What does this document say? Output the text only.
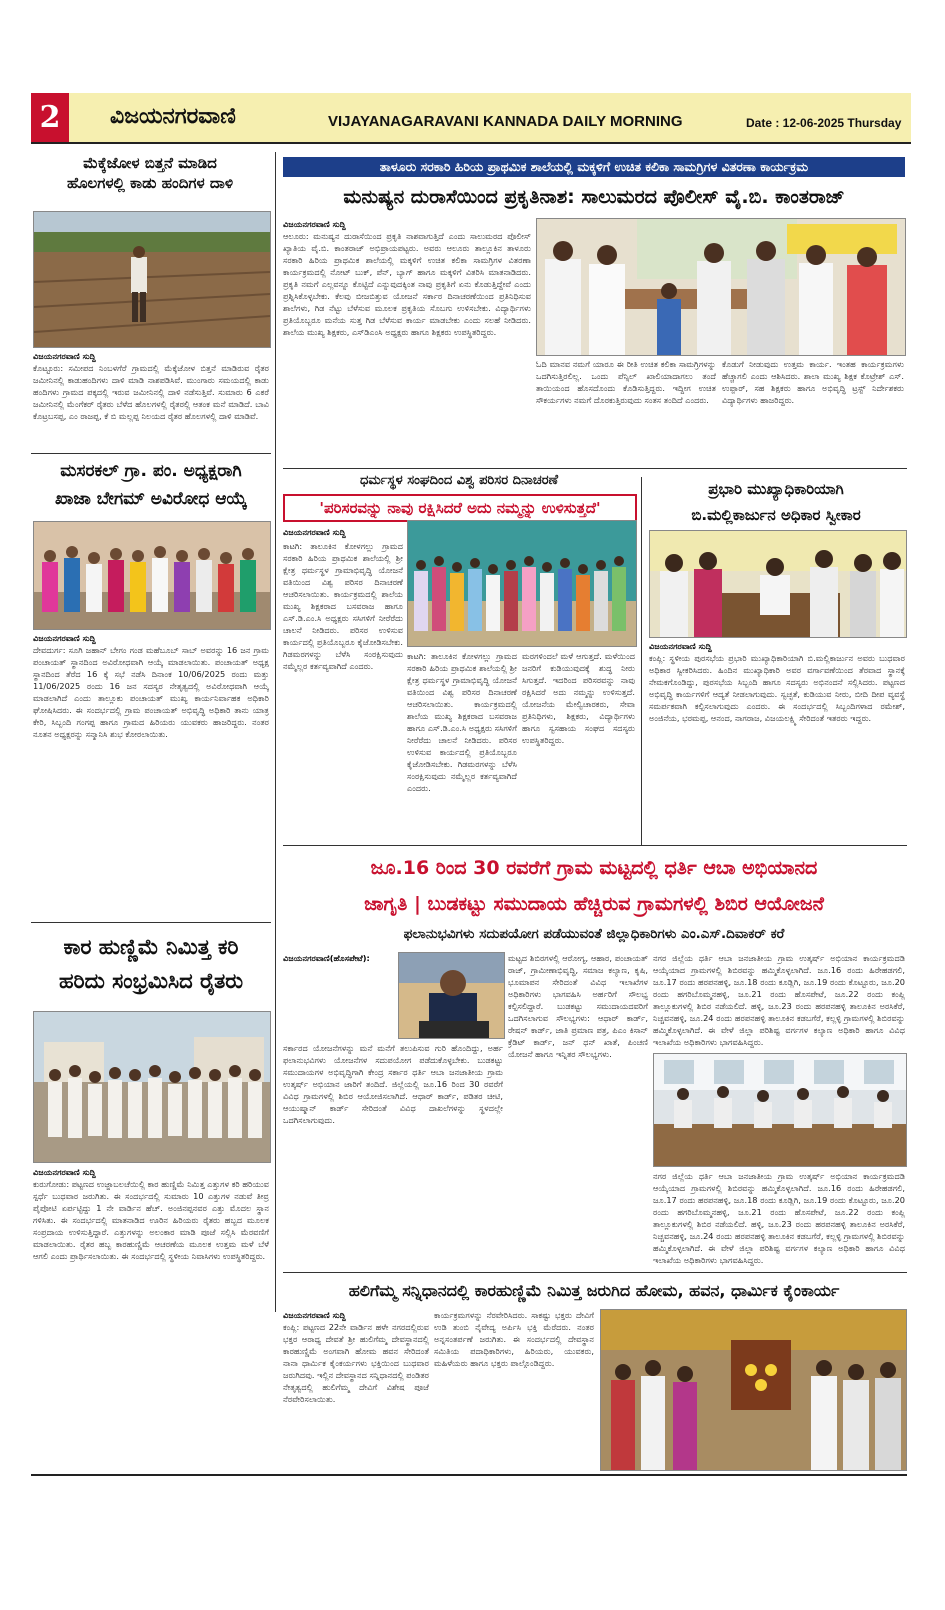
2	ವಿಜಯನಗರವಾಣಿ	VIJAYANAGARAVANI KANNADA DAILY MORNING	Date : 12-06-2025 Thursday
ಮೆಕ್ಕೆಜೋಳ ಬಿತ್ತನೆ ಮಾಡಿದ
ಹೊಲಗಳಲ್ಲಿ ಕಾಡು ಹಂದಿಗಳ ದಾಳಿ
ವಿಜಯನಗರವಾಣಿ ಸುದ್ದಿ
ಕೊಟ್ಟೂರು: ಸಮೀಪದ ನಿಂಬಳಗೆರೆ ಗ್ರಾಮದಲ್ಲಿ ಮೆಕ್ಕೆಜೋಳ ಬಿತ್ತನೆ ಮಾಡಿರುವ ರೈತರ ಜಮೀನಿನಲ್ಲಿ ಕಾಡುಹಂದಿಗಳು ದಾಳಿ ಮಾಡಿ ನಾಶಪಡಿಸಿವೆ. ಮುಂಗಾರು ಸಮಯದಲ್ಲಿ ಕಾಡು ಹಂದಿಗಳು ಗ್ರಾಮದ ಪಕ್ಕದಲ್ಲಿ ಇರುವ ಜಮೀನಿನಲ್ಲಿ ದಾಳಿ ನಡೆಸುತ್ತಿವೆ. ಸುಮಾರು 6 ಎಕರೆ ಜಮೀನಿನಲ್ಲಿ ಮೆಂಗೆಕರ್ ರೈತರು ಬೆಳೆದ ಹೊಲಗಳಲ್ಲಿ ರೈತರಲ್ಲಿ ಆತಂಕ ಮನೆ ಮಾಡಿದೆ. ಬಾವಿ ಕೊಟ್ರಬಸಪ್ಪ, ಎಂ ರಾಜಪ್ಪ, ಕೆ ಬಿ ಮಲ್ಲಪ್ಪ ನಿಲಯದ ರೈತರ ಹೊಲಗಳಲ್ಲಿ ದಾಳಿ ಮಾಡಿವೆ.
ಮಸರಕಲ್ ಗ್ರಾ. ಪಂ. ಅಧ್ಯಕ್ಷರಾಗಿ
ಖಾಜಾ ಬೇಗಮ್ ಅವಿರೋಧ ಆಯ್ಕೆ
ವಿಜಯನಗರವಾಣಿ ಸುದ್ದಿ
ದೇವದುರ್ಗ: ಸೂಗಿ ಜಹಾನ್ ಬೇಗಂ ಗಂಡ ಮಹೆಬೂಬ್ ಸಾಬ್ ಅವರನ್ನು 16 ಜನ ಗ್ರಾಮ ಪಂಚಾಯತ್ ಸ್ಥಾನದಿಂದ ಅವಿರೋಧವಾಗಿ ಆಯ್ಕೆ ಮಾಡಲಾಯಿತು. ಪಂಚಾಯತ್ ಅಧ್ಯಕ್ಷ ಸ್ಥಾನದಿಂದ ತೆರೆದ 16 ಕ್ಕೆ ಸಭೆ ನಡೆಸಿ ದಿನಾಂಕ 10/06/2025 ರಂದು ಮತ್ತು 11/06/2025 ರಂದು 16 ಜನ ಸದಸ್ಯರ ನೇತೃತ್ವದಲ್ಲಿ ಅವಿರೋಧವಾಗಿ ಆಯ್ಕೆ ಮಾಡಲಾಗಿದೆ ಎಂದು ತಾಲ್ಲೂಕು ಪಂಚಾಯತ್ ಮುಖ್ಯ ಕಾರ್ಯನಿರ್ವಾಹಕ ಅಧಿಕಾರಿ ಘೋಷಿಸಿದರು. ಈ ಸಂದರ್ಭದಲ್ಲಿ ಗ್ರಾಮ ಪಂಚಾಯತ್ ಅಭಿವೃದ್ಧಿ ಅಧಿಕಾರಿ ತಾನು ಯಾತ್ರ ಕೇರಿ, ಸಿಬ್ಬಂದಿ ಗಂಗಪ್ಪ ಹಾಗೂ ಗ್ರಾಮದ ಹಿರಿಯರು ಯುವಕರು ಹಾಜರಿದ್ದರು. ನಂತರ ನೂತನ ಅಧ್ಯಕ್ಷರನ್ನು ಸನ್ಮಾನಿಸಿ ಶುಭ ಕೋರಲಾಯಿತು.
ಕಾರ ಹುಣ್ಣಿಮೆ ನಿಮಿತ್ತ ಕರಿ
ಹರಿದು ಸಂಭ್ರಮಿಸಿದ ರೈತರು
ವಿಜಯನಗರವಾಣಿ ಸುದ್ದಿ
ಕುರುಗೋಡು: ಪಟ್ಟಣದ ಉಜ್ಜಾಬಲಚೆಯಿಲ್ಲಿ ಕಾರ ಹುಣ್ಣಿಮೆ ನಿಮಿತ್ತ ಎತ್ತುಗಳ ಕರಿ ಹರಿಯುವ ಸ್ಪರ್ಧೆ ಬುಧವಾರ ಜರುಗಿತು. ಈ ಸಂದರ್ಭದಲ್ಲಿ ಸುಮಾರು 10 ಎತ್ತುಗಳ ನಡುವೆ ತೀವ್ರ ಪೈಪೋಟಿ ಏರ್ಪಟ್ಟಿದ್ದು 1 ನೇ ವಾರ್ಡಿನ ಹೆಚ್. ಅಂಜಿನಪ್ಪನವರ ಎತ್ತು ಮೊದಲ ಸ್ಥಾನ ಗಳಿಸಿತು. ಈ ಸಂದರ್ಭದಲ್ಲಿ ಮಾತನಾಡಿದ ಊರಿನ ಹಿರಿಯರು ರೈತರು ಹಬ್ಬದ ಮೂಲಕ ಸಂಪ್ರದಾಯ ಉಳಿಸುತ್ತಿದ್ದಾರೆ. ಎತ್ತುಗಳನ್ನು ಅಲಂಕಾರ ಮಾಡಿ ಪೂಜೆ ಸಲ್ಲಿಸಿ ಮೆರವಣಿಗೆ ಮಾಡಲಾಯಿತು. ರೈತರ ಹಬ್ಬ ಕಾರಹುಣ್ಣಿಮೆ ಆಚರಣೆಯ ಮೂಲಕ ಉತ್ತಮ ಮಳೆ ಬೆಳೆ ಆಗಲಿ ಎಂದು ಪ್ರಾರ್ಥಿಸಲಾಯಿತು. ಈ ಸಂದರ್ಭದಲ್ಲಿ ಸ್ಥಳೀಯ ನಿವಾಸಿಗಳು ಉಪಸ್ಥಿತರಿದ್ದರು.
ತಾಳೂರು ಸರಕಾರಿ ಹಿರಿಯ ಪ್ರಾಥಮಿಕ ಶಾಲೆಯಲ್ಲಿ ಮಕ್ಕಳಿಗೆ ಉಚಿತ ಕಲಿಕಾ ಸಾಮಗ್ರಿಗಳ ವಿತರಣಾ ಕಾರ್ಯಕ್ರಮ
ಮನುಷ್ಯನ ದುರಾಸೆಯಿಂದ ಪ್ರಕೃತಿನಾಶ: ಸಾಲುಮರದ ಪೊಲೀಸ್ ವೈ.ಬಿ. ಕಾಂತರಾಜ್
ವಿಜಯನಗರವಾಣಿ ಸುದ್ದಿ
ಆಲೂರು: ಮನುಷ್ಯನ ದುರಾಸೆಯಿಂದ ಪ್ರಕೃತಿ ನಾಶವಾಗುತ್ತಿದೆ ಎಂದು ಸಾಲುಮರದ ಪೊಲೀಸ್ ಖ್ಯಾತಿಯ ವೈ.ಬಿ. ಕಾಂತರಾಜ್ ಅಭಿಪ್ರಾಯಪಟ್ಟರು. ಅವರು ಆಲೂರು ತಾಲ್ಲೂಕಿನ ತಾಳೂರು ಸರಕಾರಿ ಹಿರಿಯ ಪ್ರಾಥಮಿಕ ಶಾಲೆಯಲ್ಲಿ ಮಕ್ಕಳಿಗೆ ಉಚಿತ ಕಲಿಕಾ ಸಾಮಗ್ರಿಗಳ ವಿತರಣಾ ಕಾರ್ಯಕ್ರಮದಲ್ಲಿ ನೋಟ್ ಬುಕ್, ಪೆನ್, ಬ್ಯಾಗ್ ಹಾಗೂ ಮಕ್ಕಳಿಗೆ ವಿತರಿಸಿ ಮಾತನಾಡಿದರು. ಪ್ರಕೃತಿ ನಮಗೆ ಎಲ್ಲವನ್ನೂ ಕೊಟ್ಟಿದೆ ಎನ್ನುವುದಕ್ಕಿಂತ ನಾವು ಪ್ರಕೃತಿಗೆ ಏನು ಕೊಡುತ್ತಿದ್ದೇವೆ ಎಂದು ಪ್ರಶ್ನಿಸಿಕೊಳ್ಳಬೇಕು. ಕೆಲವು ಬೀಜಬಿತ್ತುವ ಯೋಜನೆ ಸರ್ಕಾರ ದಿನಾಚರಣೆಯಿಂದ ಪ್ರತಿನಿಧಿಸುವ ಶಾಲೆಗಳು, ಗಿಡ ನೆಟ್ಟು ಬೆಳೆಸುವ ಮೂಲಕ ಪ್ರಕೃತಿಯ ಸೊಬಗು ಉಳಿಸಬೇಕು. ವಿದ್ಯಾರ್ಥಿಗಳು ಪ್ರತಿಯೊಬ್ಬರೂ ಮನೆಯ ಸುತ್ತ ಗಿಡ ಬೆಳೆಸುವ ಕಾರ್ಯ ಮಾಡಬೇಕು ಎಂದು ಸಲಹೆ ನೀಡಿದರು. ಶಾಲೆಯ ಮುಖ್ಯ ಶಿಕ್ಷಕರು, ಎಸ್‌ಡಿಎಂಸಿ ಅಧ್ಯಕ್ಷರು ಹಾಗೂ ಶಿಕ್ಷಕರು ಉಪಸ್ಥಿತರಿದ್ದರು.
ಓದಿ ಮಾನವ ನಮಗೆ ಯಾರೂ ಈ ರೀತಿ ಉಚಿತ ಕಲಿಕಾ ಸಾಮಗ್ರಿಗಳನ್ನು ಒದಗಿಸುತ್ತಿರಲಿಲ್ಲ. ಒಂದು ಪೆನ್ಸಿಲ್ ಖಾಲಿಯಾದಾಗಲು ತಂದೆ ತಾಯಿಯಂದ ಹೊಸದೊಂದು ಕೊಡಿಸುತ್ತಿದ್ದರು. ಇದ್ದೀಗ ಉಚಿತ ಸೌಕರ್ಯಗಳು ನಮಗೆ ದೊರಕುತ್ತಿರುವುದು ಸಂತಸ ತಂದಿದೆ ಎಂದರು.
ಕೊಡುಗೆ ನೀಡುವುದು ಉತ್ತಮ ಕಾರ್ಯ. ಇಂತಹ ಕಾರ್ಯಕ್ರಮಗಳು ಹೆಚ್ಚಾಗಲಿ ಎಂದು ಆಶಿಸಿದರು. ಶಾಲಾ ಮುಖ್ಯ ಶಿಕ್ಷಕ ಕೊಟ್ರೇಶ್ ಎಸ್. ಉಪ್ಪಾರ್, ಸಹ ಶಿಕ್ಷಕರು ಹಾಗೂ ಅಭಿವೃದ್ಧಿ ಟ್ರಸ್ಟ್ ನಿರ್ದೇಶಕರು ವಿದ್ಯಾರ್ಥಿಗಳು ಹಾಜರಿದ್ದರು.
ಧರ್ಮಸ್ಥಳ ಸಂಘದಿಂದ ವಿಶ್ವ ಪರಿಸರ ದಿನಾಚರಣೆ
'ಪರಿಸರವನ್ನು ನಾವು ರಕ್ಷಿಸಿದರೆ ಅದು ನಮ್ಮನ್ನು ಉಳಿಸುತ್ತದೆ'
ವಿಜಯನಗರವಾಣಿ ಸುದ್ದಿ
ಕಾಟಗಿ: ತಾಲೂಕಿನ ಕೋಳಗಲ್ಲು ಗ್ರಾಮದ ಸರಕಾರಿ ಹಿರಿಯ ಪ್ರಾಥಮಿಕ ಶಾಲೆಯಲ್ಲಿ ಶ್ರೀ ಕ್ಷೇತ್ರ ಧರ್ಮಸ್ಥಳ ಗ್ರಾಮಾಭಿವೃದ್ಧಿ ಯೋಜನೆ ವತಿಯಿಂದ ವಿಶ್ವ ಪರಿಸರ ದಿನಾಚರಣೆ ಆಚರಿಸಲಾಯಿತು. ಕಾರ್ಯಕ್ರಮದಲ್ಲಿ ಶಾಲೆಯ ಮುಖ್ಯ ಶಿಕ್ಷಕರಾದ ಬಸವರಾಜ ಹಾಗೂ ಎಸ್.ಡಿ.ಎಂ.ಸಿ ಅಧ್ಯಕ್ಷರು ಸಸಿಗಳಿಗೆ ನೀರೆರೆದು ಚಾಲನೆ ನೀಡಿದರು. ಪರಿಸರ ಉಳಿಸುವ ಕಾರ್ಯದಲ್ಲಿ ಪ್ರತಿಯೊಬ್ಬರೂ ಕೈಜೋಡಿಸಬೇಕು. ಗಿಡಮರಗಳನ್ನು ಬೆಳೆಸಿ ಸಂರಕ್ಷಿಸುವುದು ನಮ್ಮೆಲ್ಲರ ಕರ್ತವ್ಯವಾಗಿದೆ ಎಂದರು.
ಕಾಟಗಿ: ತಾಲೂಕಿನ ಕೋಳಗಲ್ಲು ಗ್ರಾಮದ ಸರಕಾರಿ ಹಿರಿಯ ಪ್ರಾಥಮಿಕ ಶಾಲೆಯಲ್ಲಿ ಶ್ರೀ ಕ್ಷೇತ್ರ ಧರ್ಮಸ್ಥಳ ಗ್ರಾಮಾಭಿವೃದ್ಧಿ ಯೋಜನೆ ವತಿಯಿಂದ ವಿಶ್ವ ಪರಿಸರ ದಿನಾಚರಣೆ ಆಚರಿಸಲಾಯಿತು. ಕಾರ್ಯಕ್ರಮದಲ್ಲಿ ಶಾಲೆಯ ಮುಖ್ಯ ಶಿಕ್ಷಕರಾದ ಬಸವರಾಜ ಹಾಗೂ ಎಸ್.ಡಿ.ಎಂ.ಸಿ ಅಧ್ಯಕ್ಷರು ಸಸಿಗಳಿಗೆ ನೀರೆರೆದು ಚಾಲನೆ ನೀಡಿದರು. ಪರಿಸರ ಉಳಿಸುವ ಕಾರ್ಯದಲ್ಲಿ ಪ್ರತಿಯೊಬ್ಬರೂ ಕೈಜೋಡಿಸಬೇಕು. ಗಿಡಮರಗಳನ್ನು ಬೆಳೆಸಿ ಸಂರಕ್ಷಿಸುವುದು ನಮ್ಮೆಲ್ಲರ ಕರ್ತವ್ಯವಾಗಿದೆ ಎಂದರು.
ಮರಗಳಿಂದಲೆ ಮಳೆ ಆಗುತ್ತದೆ. ಮಳೆಯಿಂದ ಜನರಿಗೆ ಕುಡಿಯುವುದಕ್ಕೆ ಶುದ್ಧ ನೀರು ಸಿಗುತ್ತದೆ. ಇದರಿಂದ ಪರಿಸರವನ್ನು ನಾವು ರಕ್ಷಿಸಿದರೆ ಅದು ನಮ್ಮನ್ನು ಉಳಿಸುತ್ತದೆ. ಯೋಜನೆಯ ಮೇಲ್ವಿಚಾರಕರು, ಸೇವಾ ಪ್ರತಿನಿಧಿಗಳು, ಶಿಕ್ಷಕರು, ವಿದ್ಯಾರ್ಥಿಗಳು ಹಾಗೂ ಸ್ವಸಹಾಯ ಸಂಘದ ಸದಸ್ಯರು ಉಪಸ್ಥಿತರಿದ್ದರು.
ಪ್ರಭಾರಿ ಮುಖ್ಯಾಧಿಕಾರಿಯಾಗಿ
ಬಿ.ಮಲ್ಲಿಕಾರ್ಜುನ ಅಧಿಕಾರ ಸ್ವೀಕಾರ
ವಿಜಯನಗರವಾಣಿ ಸುದ್ದಿ
ಕಂಪ್ಲಿ: ಸ್ಥಳೀಯ ಪುರಸಭೆಯ ಪ್ರಭಾರಿ ಮುಖ್ಯಾಧಿಕಾರಿಯಾಗಿ ಬಿ.ಮಲ್ಲಿಕಾರ್ಜುನ ಅವರು ಬುಧವಾರ ಅಧಿಕಾರ ಸ್ವೀಕರಿಸಿದರು. ಹಿಂದಿನ ಮುಖ್ಯಾಧಿಕಾರಿ ಅವರ ವರ್ಗಾವಣೆಯಿಂದ ತೆರವಾದ ಸ್ಥಾನಕ್ಕೆ ನೇಮಕಗೊಂಡಿದ್ದು, ಪುರಸಭೆಯ ಸಿಬ್ಬಂದಿ ಹಾಗೂ ಸದಸ್ಯರು ಅಭಿನಂದನೆ ಸಲ್ಲಿಸಿದರು. ಪಟ್ಟಣದ ಅಭಿವೃದ್ಧಿ ಕಾರ್ಯಗಳಿಗೆ ಆದ್ಯತೆ ನೀಡಲಾಗುವುದು. ಸ್ವಚ್ಛತೆ, ಕುಡಿಯುವ ನೀರು, ಬೀದಿ ದೀಪ ವ್ಯವಸ್ಥೆ ಸಮರ್ಪಕವಾಗಿ ಕಲ್ಪಿಸಲಾಗುವುದು ಎಂದರು. ಈ ಸಂದರ್ಭದಲ್ಲಿ ಸಿಬ್ಬಂದಿಗಳಾದ ರಮೇಶ್, ಅಂಜಿನೆಯ, ಭರಮಪ್ಪ, ಆನಂದ, ನಾಗರಾಜ, ವಿಜಯಲಕ್ಷ್ಮಿ ಸೇರಿದಂತೆ ಇತರರು ಇದ್ದರು.
ಜೂ.16 ರಿಂದ 30 ರವರೆಗೆ ಗ್ರಾಮ ಮಟ್ಟದಲ್ಲಿ ಧರ್ತಿ ಆಬಾ ಅಭಿಯಾನದ
ಜಾಗೃತಿ | ಬುಡಕಟ್ಟು ಸಮುದಾಯ ಹೆಚ್ಚಿರುವ ಗ್ರಾಮಗಳಲ್ಲಿ ಶಿಬಿರ ಆಯೋಜನೆ
ಫಲಾನುಭವಿಗಳು ಸದುಪಯೋಗ ಪಡೆಯುವಂತೆ ಜಿಲ್ಲಾಧಿಕಾರಿಗಳು ಎಂ.ಎಸ್.ದಿವಾಕರ್ ಕರೆ
ವಿಜಯನಗರವಾಣಿ(ಹೊಸಪೇಟೆ):
ಸರ್ಕಾರದ ಯೋಜನೆಗಳನ್ನು ಮನೆ ಮನೆಗೆ ತಲುಪಿಸುವ ಗುರಿ ಹೊಂದಿದ್ದು, ಅರ್ಹ ಫಲಾನುಭವಿಗಳು ಯೋಜನೆಗಳ ಸದುಪಯೋಗ ಪಡೆದುಕೊಳ್ಳಬೇಕು. ಬುಡಕಟ್ಟು ಸಮುದಾಯಗಳ ಅಭಿವೃದ್ಧಿಗಾಗಿ ಕೇಂದ್ರ ಸರ್ಕಾರ ಧರ್ತಿ ಆಬಾ ಜನಜಾತೀಯ ಗ್ರಾಮ ಉತ್ಕರ್ಷ್ ಅಭಿಯಾನ ಜಾರಿಗೆ ತಂದಿದೆ. ಜಿಲ್ಲೆಯಲ್ಲಿ ಜೂ.16 ರಿಂದ 30 ರವರೆಗೆ ವಿವಿಧ ಗ್ರಾಮಗಳಲ್ಲಿ ಶಿಬಿರ ಆಯೋಜಿಸಲಾಗಿದೆ. ಆಧಾರ್ ಕಾರ್ಡ್, ಪಡಿತರ ಚೀಟಿ, ಆಯುಷ್ಮಾನ್ ಕಾರ್ಡ್ ಸೇರಿದಂತೆ ವಿವಿಧ ದಾಖಲೆಗಳನ್ನು ಸ್ಥಳದಲ್ಲೇ ಒದಗಿಸಲಾಗುವುದು.
ಮಟ್ಟದ ಶಿಬಿರಗಳಲ್ಲಿ ಆರೋಗ್ಯ, ಆಹಾರ, ಪಂಚಾಯತ್ ರಾಜ್, ಗ್ರಾಮೀಣಾಭಿವೃದ್ಧಿ, ಸಮಾಜ ಕಲ್ಯಾಣ, ಕೃಷಿ, ಭೂಮಾಪನ ಸೇರಿದಂತೆ ವಿವಿಧ ಇಲಾಖೆಗಳ ಅಧಿಕಾರಿಗಳು ಭಾಗವಹಿಸಿ ಅರ್ಹರಿಗೆ ಸೌಲಭ್ಯ ಕಲ್ಪಿಸಲಿದ್ದಾರೆ. ಬುಡಕಟ್ಟು ಸಮುದಾಯದವರಿಗೆ ಒದಗಿಸಲಾಗುವ ಸೌಲಭ್ಯಗಳು: ಆಧಾರ್ ಕಾರ್ಡ್, ರೇಷನ್ ಕಾರ್ಡ್, ಜಾತಿ ಪ್ರಮಾಣ ಪತ್ರ, ಪಿಎಂ ಕಿಸಾನ್ ಕ್ರೆಡಿಟ್ ಕಾರ್ಡ್, ಜನ್ ಧನ್ ಖಾತೆ, ಪಿಂಚಣಿ ಯೋಜನೆ ಹಾಗೂ ಇನ್ನಿತರ ಸೌಲಭ್ಯಗಳು.
ನಗರ ಜಿಲ್ಲೆಯ ಧರ್ತಿ ಆಬಾ ಜನಜಾತೀಯ ಗ್ರಾಮ ಉತ್ಕರ್ಷ್ ಅಭಿಯಾನ ಕಾರ್ಯಕ್ರಮದಡಿ ಆಯ್ಕೆಯಾದ ಗ್ರಾಮಗಳಲ್ಲಿ ಶಿಬಿರವನ್ನು ಹಮ್ಮಿಕೊಳ್ಳಲಾಗಿದೆ. ಜೂ.16 ರಂದು ಹಿರೇಹಡಗಲಿ, ಜೂ.17 ರಂದು ಹರಪನಹಳ್ಳಿ, ಜೂ.18 ರಂದು ಕೂಡ್ಲಿಗಿ, ಜೂ.19 ರಂದು ಕೊಟ್ಟೂರು, ಜೂ.20 ರಂದು ಹಗರಿಬೊಮ್ಮನಹಳ್ಳಿ, ಜೂ.21 ರಂದು ಹೊಸಪೇಟೆ, ಜೂ.22 ರಂದು ಕಂಪ್ಲಿ ತಾಲ್ಲೂಕುಗಳಲ್ಲಿ ಶಿಬಿರ ನಡೆಯಲಿದೆ. ಹಳ್ಳಿ, ಜೂ.23 ರಂದು ಹರಪನಹಳ್ಳಿ ತಾಲೂಕಿನ ಅರಸಿಕೆರೆ, ನಿಚ್ಚವನಹಳ್ಳಿ, ಜೂ.24 ರಂದು ಹರಪನಹಳ್ಳಿ ತಾಲೂಕಿನ ಕಡಬಗೆರೆ, ಕಲ್ಲಳ್ಳಿ ಗ್ರಾಮಗಳಲ್ಲಿ ಶಿಬಿರವನ್ನು ಹಮ್ಮಿಕೊಳ್ಳಲಾಗಿದೆ. ಈ ವೇಳೆ ಜಿಲ್ಲಾ ಪರಿಶಿಷ್ಟ ವರ್ಗಗಳ ಕಲ್ಯಾಣ ಅಧಿಕಾರಿ ಹಾಗೂ ವಿವಿಧ ಇಲಾಖೆಯ ಅಧಿಕಾರಿಗಳು ಭಾಗವಹಿಸಿದ್ದರು.
ನಗರ ಜಿಲ್ಲೆಯ ಧರ್ತಿ ಆಬಾ ಜನಜಾತೀಯ ಗ್ರಾಮ ಉತ್ಕರ್ಷ್ ಅಭಿಯಾನ ಕಾರ್ಯಕ್ರಮದಡಿ ಆಯ್ಕೆಯಾದ ಗ್ರಾಮಗಳಲ್ಲಿ ಶಿಬಿರವನ್ನು ಹಮ್ಮಿಕೊಳ್ಳಲಾಗಿದೆ. ಜೂ.16 ರಂದು ಹಿರೇಹಡಗಲಿ, ಜೂ.17 ರಂದು ಹರಪನಹಳ್ಳಿ, ಜೂ.18 ರಂದು ಕೂಡ್ಲಿಗಿ, ಜೂ.19 ರಂದು ಕೊಟ್ಟೂರು, ಜೂ.20 ರಂದು ಹಗರಿಬೊಮ್ಮನಹಳ್ಳಿ, ಜೂ.21 ರಂದು ಹೊಸಪೇಟೆ, ಜೂ.22 ರಂದು ಕಂಪ್ಲಿ ತಾಲ್ಲೂಕುಗಳಲ್ಲಿ ಶಿಬಿರ ನಡೆಯಲಿದೆ. ಹಳ್ಳಿ, ಜೂ.23 ರಂದು ಹರಪನಹಳ್ಳಿ ತಾಲೂಕಿನ ಅರಸಿಕೆರೆ, ನಿಚ್ಚವನಹಳ್ಳಿ, ಜೂ.24 ರಂದು ಹರಪನಹಳ್ಳಿ ತಾಲೂಕಿನ ಕಡಬಗೆರೆ, ಕಲ್ಲಳ್ಳಿ ಗ್ರಾಮಗಳಲ್ಲಿ ಶಿಬಿರವನ್ನು ಹಮ್ಮಿಕೊಳ್ಳಲಾಗಿದೆ. ಈ ವೇಳೆ ಜಿಲ್ಲಾ ಪರಿಶಿಷ್ಟ ವರ್ಗಗಳ ಕಲ್ಯಾಣ ಅಧಿಕಾರಿ ಹಾಗೂ ವಿವಿಧ ಇಲಾಖೆಯ ಅಧಿಕಾರಿಗಳು ಭಾಗವಹಿಸಿದ್ದರು.
ಹಲಿಗೆಮ್ಮ ಸನ್ನಿಧಾನದಲ್ಲಿ ಕಾರಹುಣ್ಣಿಮೆ ನಿಮಿತ್ತ ಜರುಗಿದ ಹೋಮ, ಹವನ, ಧಾರ್ಮಿಕ ಕೈಂಕಾರ್ಯ
ವಿಜಯನಗರವಾಣಿ ಸುದ್ದಿ
ಕಂಪ್ಲಿ: ಪಟ್ಟಣದ 22ನೇ ವಾರ್ಡಿನ ಹಳೇ ನಗರದಲ್ಲಿರುವ ಭಕ್ತರ ಆರಾಧ್ಯ ದೇವತೆ ಶ್ರೀ ಹುಲಿಗೆಮ್ಮ ದೇವಸ್ಥಾನದಲ್ಲಿ ಕಾರಹುಣ್ಣಿಮೆ ಅಂಗವಾಗಿ ಹೋಮ ಹವನ ಸೇರಿದಂತೆ ನಾನಾ ಧಾರ್ಮಿಕ ಕೈಂಕರ್ಯಗಳು ಭಕ್ತಿಯಿಂದ ಬುಧವಾರ ಜರುಗಿದವು. ಇಲ್ಲಿನ ದೇವಸ್ಥಾನದ ಸನ್ನಿಧಾನದಲ್ಲಿ ಪಂಡಿತರ ನೇತೃತ್ವದಲ್ಲಿ ಹುಲಿಗೆಮ್ಮ ದೇವಿಗೆ ವಿಶೇಷ ಪೂಜೆ ನೆರವೇರಿಸಲಾಯಿತು.
ಕಾರ್ಯಕ್ರಮಗಳನ್ನು ನೆರವೇರಿಸಿದರು. ಸಾಕಷ್ಟು ಭಕ್ತರು ದೇವಿಗೆ ಉಡಿ ತುಂಬಿ ನೈವೇದ್ಯ ಅರ್ಪಿಸಿ ಭಕ್ತಿ ಮೆರೆದರು. ನಂತರ ಅನ್ನಸಂತರ್ಪಣೆ ಜರುಗಿತು. ಈ ಸಂದರ್ಭದಲ್ಲಿ ದೇವಸ್ಥಾನ ಸಮಿತಿಯ ಪದಾಧಿಕಾರಿಗಳು, ಹಿರಿಯರು, ಯುವಕರು, ಮಹಿಳೆಯರು ಹಾಗೂ ಭಕ್ತರು ಪಾಲ್ಗೊಂಡಿದ್ದರು.
